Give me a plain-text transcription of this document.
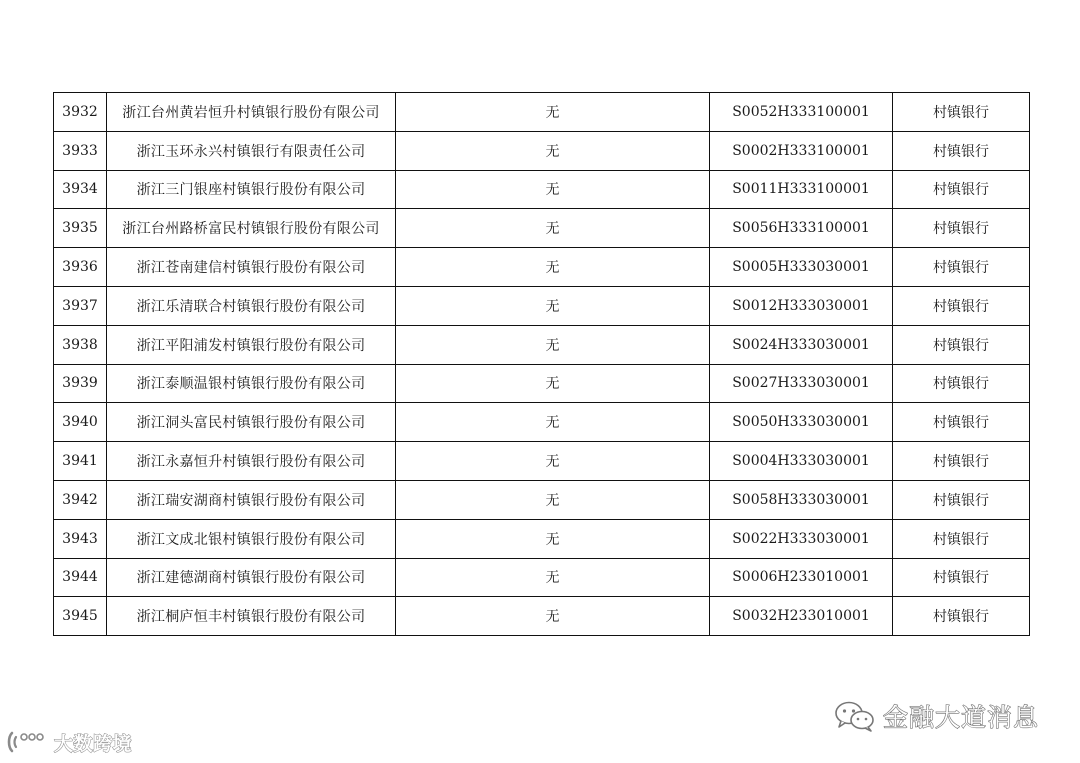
3932	浙江台州黄岩恒升村镇银行股份有限公司	无	S0052H333100001	村镇银行
3933	浙江玉环永兴村镇银行有限责任公司	无	S0002H333100001	村镇银行
3934	浙江三门银座村镇银行股份有限公司	无	S0011H333100001	村镇银行
3935	浙江台州路桥富民村镇银行股份有限公司	无	S0056H333100001	村镇银行
3936	浙江苍南建信村镇银行股份有限公司	无	S0005H333030001	村镇银行
3937	浙江乐清联合村镇银行股份有限公司	无	S0012H333030001	村镇银行
3938	浙江平阳浦发村镇银行股份有限公司	无	S0024H333030001	村镇银行
3939	浙江泰顺温银村镇银行股份有限公司	无	S0027H333030001	村镇银行
3940	浙江洞头富民村镇银行股份有限公司	无	S0050H333030001	村镇银行
3941	浙江永嘉恒升村镇银行股份有限公司	无	S0004H333030001	村镇银行
3942	浙江瑞安湖商村镇银行股份有限公司	无	S0058H333030001	村镇银行
3943	浙江文成北银村镇银行股份有限公司	无	S0022H333030001	村镇银行
3944	浙江建德湖商村镇银行股份有限公司	无	S0006H233010001	村镇银行
3945	浙江桐庐恒丰村镇银行股份有限公司	无	S0032H233010001	村镇银行
金融大道消息
大数跨境
